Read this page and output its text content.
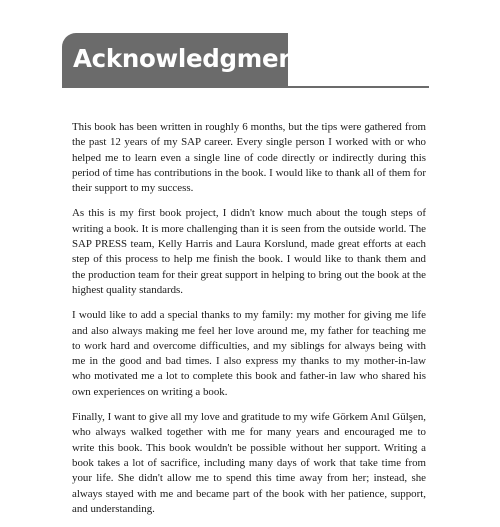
Acknowledgments

This book has been written in roughly 6 months, but the tips were gathered from the past 12 years of my SAP career. Every single person I worked with or who helped me to learn even a single line of code directly or indirectly during this period of time has contributions in the book. I would like to thank all of them for their support to my success.

As this is my first book project, I didn't know much about the tough steps of writing a book. It is more challenging than it is seen from the outside world. The SAP PRESS team, Kelly Harris and Laura Korslund, made great efforts at each step of this process to help me finish the book. I would like to thank them and the production team for their great support in helping to bring out the book at the highest quality standards.

I would like to add a special thanks to my family: my mother for giving me life and also always making me feel her love around me, my father for teaching me to work hard and overcome difficulties, and my siblings for always being with me in the good and bad times. I also express my thanks to my mother-in-law who motivated me a lot to complete this book and father-in law who shared his own experiences on writing a book.

Finally, I want to give all my love and gratitude to my wife Görkem Anıl Gülşen, who always walked together with me for many years and encouraged me to write this book. This book wouldn't be possible without her support. Writing a book takes a lot of sacrifice, including many days of work that take time from your life. She didn't allow me to spend this time away from her; instead, she always stayed with me and became part of the book with her patience, support, and understanding.
